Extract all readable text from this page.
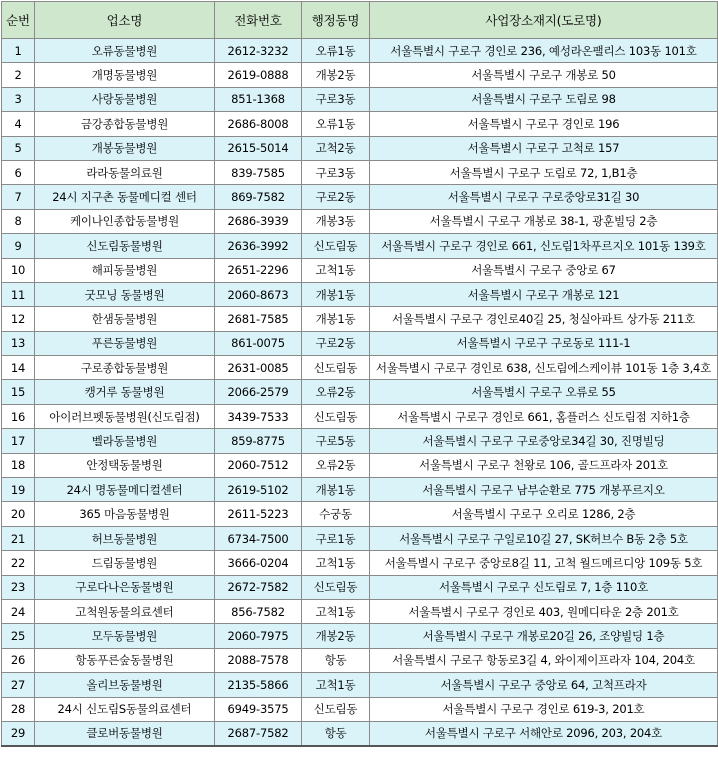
순번	업소명	전화번호	행정동명	사업장소재지(도로명)
1	오류동물병원	2612-3232	오류1동	서울특별시 구로구 경인로 236, 예성라온팰리스 103동 101호
2	개명동물병원	2619-0888	개봉2동	서울특별시 구로구 개봉로 50
3	사랑동물병원	851-1368	구로3동	서울특별시 구로구 도림로 98
4	금강종합동물병원	2686-8008	오류1동	서울특별시 구로구 경인로 196
5	개봉동물병원	2615-5014	고척2동	서울특별시 구로구 고척로 157
6	라라동물의료원	839-7585	구로3동	서울특별시 구로구 도림로 72, 1,B1층
7	24시 지구촌 동물메디컬 센터	869-7582	구로2동	서울특별시 구로구 구로중앙로31길 30
8	케이나인종합동물병원	2686-3939	개봉3동	서울특별시 구로구 개봉로 38-1, 광훈빌딩 2층
9	신도림동물병원	2636-3992	신도림동	서울특별시 구로구 경인로 661, 신도림1차푸르지오 101동 139호
10	해피동물병원	2651-2296	고척1동	서울특별시 구로구 중앙로 67
11	굿모닝 동물병원	2060-8673	개봉1동	서울특별시 구로구 개봉로 121
12	한샘동물병원	2681-7585	개봉1동	서울특별시 구로구 경인로40길 25, 청실아파트 상가동 211호
13	푸른동물병원	861-0075	구로2동	서울특별시 구로구 구로동로 111-1
14	구로종합동물병원	2631-0085	신도림동	서울특별시 구로구 경인로 638, 신도림에스케이뷰 101동 1층 3,4호
15	캥거루 동물병원	2066-2579	오류2동	서울특별시 구로구 오류로 55
16	아이러브펫동물병원(신도림점)	3439-7533	신도림동	서울특별시 구로구 경인로 661, 홈플러스 신도림점 지하1층
17	벨라동물병원	859-8775	구로5동	서울특별시 구로구 구로중앙로34길 30, 진명빌딩
18	안정택동물병원	2060-7512	오류2동	서울특별시 구로구 천왕로 106, 골드프라자 201호
19	24시 명동물메디컬센터	2619-5102	개봉1동	서울특별시 구로구 남부순환로 775 개봉푸르지오
20	365 마음동물병원	2611-5223	수궁동	서울특별시 구로구 오리로 1286, 2층
21	허브동물병원	6734-7500	구로1동	서울특별시 구로구 구일로10길 27, SK허브수 B동 2층 5호
22	드림동물병원	3666-0204	고척1동	서울특별시 구로구 중앙로8길 11, 고척 월드메르디앙 109동 5호
23	구로다나은동물병원	2672-7582	신도림동	서울특별시 구로구 신도림로 7, 1층 110호
24	고척원동물의료센터	856-7582	고척1동	서울특별시 구로구 경인로 403, 원메디타운 2층 201호
25	모두동물병원	2060-7975	개봉2동	서울특별시 구로구 개봉로20길 26, 조양빌딩 1층
26	항동푸른숲동물병원	2088-7578	항동	서울특별시 구로구 항동로3길 4, 와이제이프라자 104, 204호
27	올리브동물병원	2135-5866	고척1동	서울특별시 구로구 중앙로 64, 고척프라자
28	24시 신도림S동물의료센터	6949-3575	신도림동	서울특별시 구로구 경인로 619-3, 201호
29	클로버동물병원	2687-7582	항동	서울특별시 구로구 서해안로 2096, 203, 204호
